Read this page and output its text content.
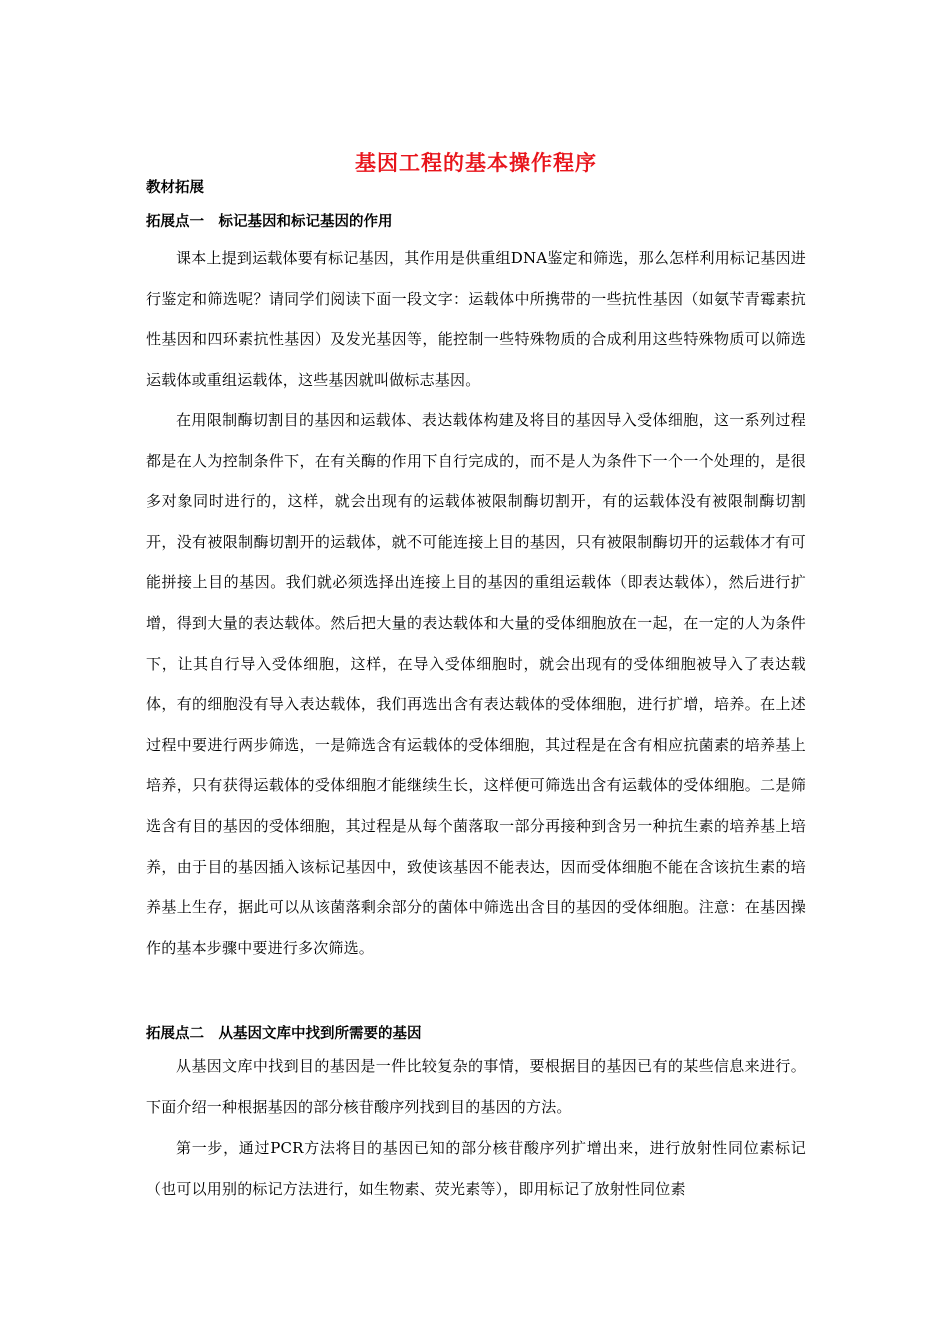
基因工程的基本操作程序
教材拓展
拓展点一　标记基因和标记基因的作用
课本上提到运载体要有标记基因，其作用是供重组DNA鉴定和筛选，那么怎样利用标记基因进行鉴定和筛选呢？请同学们阅读下面一段文字：运载体中所携带的一些抗性基因（如氨苄青霉素抗性基因和四环素抗性基因）及发光基因等，能控制一些特殊物质的合成利用这些特殊物质可以筛选运载体或重组运载体，这些基因就叫做标志基因。
在用限制酶切割目的基因和运载体、表达载体构建及将目的基因导入受体细胞，这一系列过程都是在人为控制条件下，在有关酶的作用下自行完成的，而不是人为条件下一个一个处理的，是很多对象同时进行的，这样，就会出现有的运载体被限制酶切割开，有的运载体没有被限制酶切割开，没有被限制酶切割开的运载体，就不可能连接上目的基因，只有被限制酶切开的运载体才有可能拼接上目的基因。我们就必须选择出连接上目的基因的重组运载体（即表达载体），然后进行扩增，得到大量的表达载体。然后把大量的表达载体和大量的受体细胞放在一起，在一定的人为条件下，让其自行导入受体细胞，这样，在导入受体细胞时，就会出现有的受体细胞被导入了表达载体，有的细胞没有导入表达载体，我们再选出含有表达载体的受体细胞，进行扩增，培养。在上述过程中要进行两步筛选，一是筛选含有运载体的受体细胞，其过程是在含有相应抗菌素的培养基上培养，只有获得运载体的受体细胞才能继续生长，这样便可筛选出含有运载体的受体细胞。二是筛选含有目的基因的受体细胞，其过程是从每个菌落取一部分再接种到含另一种抗生素的培养基上培养，由于目的基因插入该标记基因中，致使该基因不能表达，因而受体细胞不能在含该抗生素的培养基上生存，据此可以从该菌落剩余部分的菌体中筛选出含目的基因的受体细胞。注意：在基因操作的基本步骤中要进行多次筛选。
拓展点二　从基因文库中找到所需要的基因
从基因文库中找到目的基因是一件比较复杂的事情，要根据目的基因已有的某些信息来进行。下面介绍一种根据基因的部分核苷酸序列找到目的基因的方法。
第一步，通过PCR方法将目的基因已知的部分核苷酸序列扩增出来，进行放射性同位素标记（也可以用别的标记方法进行，如生物素、荧光素等），即用标记了放射性同位素
